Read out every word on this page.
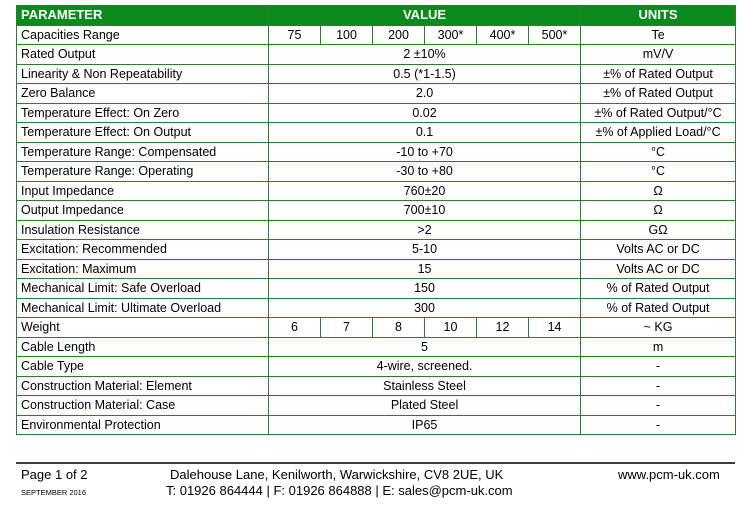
PARAMETER	VALUE						UNITS
Capacities Range	75	100	200	300*	400*	500*	Te
Rated Output	2 ±10%						mV/V
Linearity & Non Repeatability	0.5 (*1-1.5)						±% of Rated Output
Zero Balance	2.0						±% of Rated Output
Temperature Effect: On Zero	0.02						±% of Rated Output/°C
Temperature Effect: On Output	0.1						±% of Applied Load/°C
Temperature Range: Compensated	-10 to +70						°C
Temperature Range: Operating	-30 to +80						°C
Input Impedance	760±20						Ω
Output Impedance	700±10						Ω
Insulation Resistance	>2						GΩ
Excitation: Recommended	5-10						Volts AC or DC
Excitation: Maximum	15						Volts AC or DC
Mechanical Limit: Safe Overload	150						% of Rated Output
Mechanical Limit: Ultimate Overload	300						% of Rated Output
Weight	6	7	8	10	12	14	~ KG
Cable Length	5						m
Cable Type	4-wire, screened.						-
Construction Material: Element	Stainless Steel						-
Construction Material: Case	Plated Steel						-
Environmental Protection	IP65						-
Page 1 of 2
SEPTEMBER 2016
Dalehouse Lane, Kenilworth, Warwickshire, CV8 2UE, UK
T: 01926 864444 | F: 01926 864888 | E: sales@pcm-uk.com
www.pcm-uk.com
